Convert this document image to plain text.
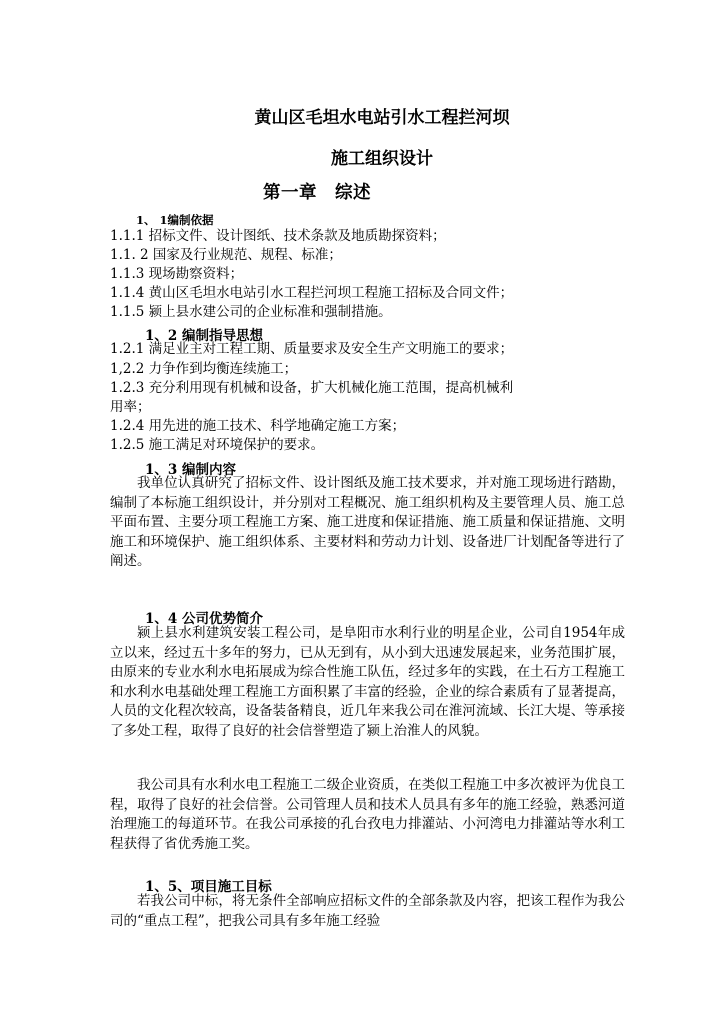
黄山区毛坦水电站引水工程拦河坝
施工组织设计
第一章　综述
1、 1编制依据
1.1.1 招标文件、设计图纸、技术条款及地质勘探资料；
1.1. 2 国家及行业规范、规程、标准；
1.1.3 现场勘察资料；
1.1.4 黄山区毛坦水电站引水工程拦河坝工程施工招标及合同文件；
1.1.5 颍上县水建公司的企业标准和强制措施。
1、2 编制指导思想
1.2.1 满足业主对工程工期、质量要求及安全生产文明施工的要求；
1,2.2 力争作到均衡连续施工；
1.2.3 充分利用现有机械和设备，扩大机械化施工范围，提高机械利
用率；
1.2.4 用先进的施工技术、科学地确定施工方案；
1.2.5 施工满足对环境保护的要求。
1、3 编制内容

我单位认真研究了招标文件、设计图纸及施工技术要求，并对施工现场进行踏勘，编制了本标施工组织设计，并分别对工程概况、施工组织机构及主要管理人员、施工总平面布置、主要分项工程施工方案、施工进度和保证措施、施工质量和保证措施、文明施工和环境保护、施工组织体系、主要材料和劳动力计划、设备进厂计划配备等进行了阐述。

1、4 公司优势简介

颍上县水利建筑安装工程公司，是阜阳市水利行业的明星企业，公司自1954年成立以来，经过五十多年的努力，已从无到有，从小到大迅速发展起来，业务范围扩展，由原来的专业水利水电拓展成为综合性施工队伍，经过多年的实践，在土石方工程施工和水利水电基础处理工程施工方面积累了丰富的经验，企业的综合素质有了显著提高，人员的文化程次较高，设备装备精良，近几年来我公司在淮河流域、长江大堤、等承接了多处工程，取得了良好的社会信誉塑造了颍上治淮人的风貌。

我公司具有水利水电工程施工二级企业资质，在类似工程施工中多次被评为优良工程，取得了良好的社会信誉。公司管理人员和技术人员具有多年的施工经验，熟悉河道治理施工的每道环节。在我公司承接的孔台孜电力排灌站、小河湾电力排灌站等水利工程获得了省优秀施工奖。

1、5、项目施工目标

若我公司中标，将无条件全部响应招标文件的全部条款及内容，把该工程作为我公司的“重点工程”，把我公司具有多年施工经验
